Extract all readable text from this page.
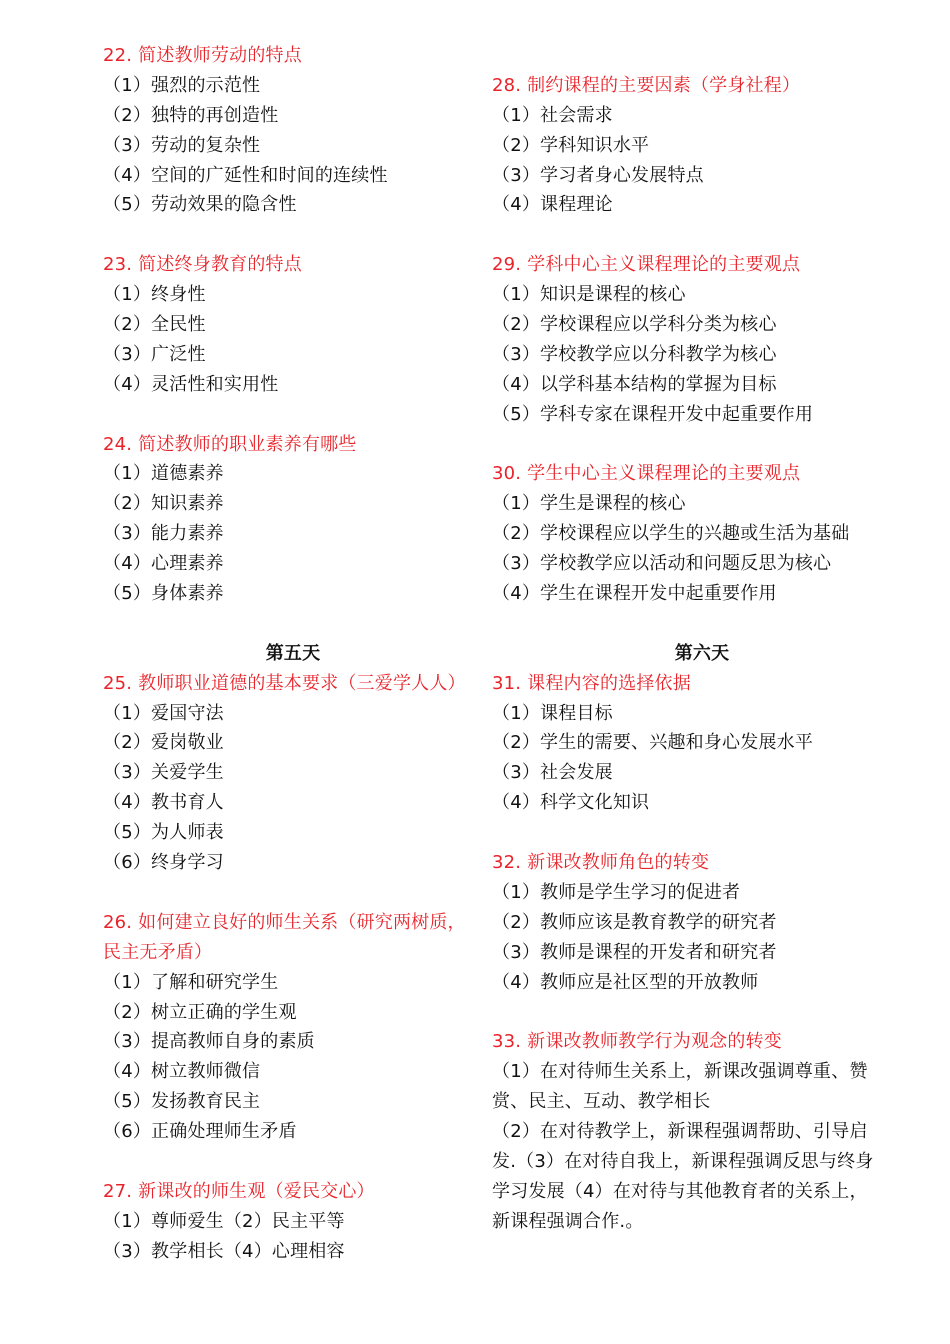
22. 简述教师劳动的特点
（1）强烈的示范性
（2）独特的再创造性
（3）劳动的复杂性
（4）空间的广延性和时间的连续性
（5）劳动效果的隐含性
23. 简述终身教育的特点
（1）终身性
（2）全民性
（3）广泛性
（4）灵活性和实用性
24. 简述教师的职业素养有哪些
（1）道德素养
（2）知识素养
（3）能力素养
（4）心理素养
（5）身体素养
第五天
25. 教师职业道德的基本要求（三爱学人人）
（1）爱国守法
（2）爱岗敬业
（3）关爱学生
（4）教书育人
（5）为人师表
（6）终身学习
26. 如何建立良好的师生关系（研究两树质，
民主无矛盾）
（1）了解和研究学生
（2）树立正确的学生观
（3）提高教师自身的素质
（4）树立教师微信
（5）发扬教育民主
（6）正确处理师生矛盾
27. 新课改的师生观（爱民交心）
（1）尊师爱生（2）民主平等
（3）教学相长（4）心理相容
28. 制约课程的主要因素（学身社程）
（1）社会需求
（2）学科知识水平
（3）学习者身心发展特点
（4）课程理论
29. 学科中心主义课程理论的主要观点
（1）知识是课程的核心
（2）学校课程应以学科分类为核心
（3）学校教学应以分科教学为核心
（4）以学科基本结构的掌握为目标
（5）学科专家在课程开发中起重要作用
30. 学生中心主义课程理论的主要观点
（1）学生是课程的核心
（2）学校课程应以学生的兴趣或生活为基础
（3）学校教学应以活动和问题反思为核心
（4）学生在课程开发中起重要作用
第六天
31. 课程内容的选择依据
（1）课程目标
（2）学生的需要、兴趣和身心发展水平
（3）社会发展
（4）科学文化知识
32. 新课改教师角色的转变
（1）教师是学生学习的促进者
（2）教师应该是教育教学的研究者
（3）教师是课程的开发者和研究者
（4）教师应是社区型的开放教师
33. 新课改教师教学行为观念的转变
（1）在对待师生关系上，新课改强调尊重、赞
赏、民主、互动、教学相长
（2）在对待教学上，新课程强调帮助、引导启
发.（3）在对待自我上，新课程强调反思与终身
学习发展（4）在对待与其他教育者的关系上，
新课程强调合作.。
